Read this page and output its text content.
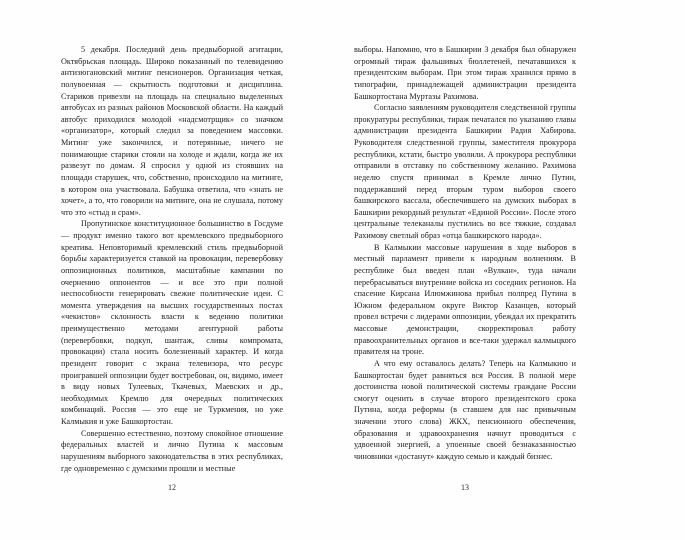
5 декабря. Последний день предвыборной агитации, Октябрьская площадь. Широко показанный по телевидению антизюгановский митинг пенсионеров. Организация четкая, полувоенная — скрытность подготовки и дисциплина. Стариков привезли на площадь на специально выделенных автобусах из разных районов Московской области. На каждый автобус приходился молодой «надсмотрщик» со значком «организатор», который следил за поведением массовки. Митинг уже закончился, и потерянные, ничего не понимающие старики стояли на холоде и ждали, когда же их развезут по домам. Я спросил у одной из стоявших на площади старушек, что, собственно, происходило на митинге, в котором она участвовала. Бабушка ответила, что «знать не хочет», а то, что говорили на митинге, она не слушала, потому что это «стыд и срам».

Пропутинское конституционное большинство в Госдуме — продукт именно такого вот кремлевского предвыборного креатива. Неповторимый кремлевский стиль предвыборной борьбы характеризуется ставкой на провокации, перевербовку оппозиционных политиков, масштабные кампании по очернению оппонентов — и все это при полной неспособности генерировать свежие политические идеи. С момента утверждения на высших государственных постах «чекистов» склонность власти к ведению политики преимущественно методами агентурной работы (перевербовки, подкуп, шантаж, сливы компромата, провокации) стала носить болезненный характер. И когда президент говорит с экрана телевизора, что ресурс проигравшей оппозиции будет востребован, он, видимо, имеет в виду новых Тулеевых, Ткачевых, Маевских и др., необходимых Кремлю для очередных политических комбинаций. Россия — это еще не Туркмения, но уже Калмыкия и уже Башкортостан.

Совершенно естественно, поэтому спокойное отношение федеральных властей и лично Путина к массовым нарушениям выборного законодательства в этих республиках, где одновременно с думскими прошли и местные

12

выборы. Напомню, что в Башкирии 3 декабря был обнаружен огромный тираж фальшивых бюллетеней, печатавшихся к президентским выборам. При этом тираж хранился прямо в типографии, принадлежащей администрации президента Башкортостана Муртазы Рахимова.

Согласно заявлениям руководителя следственной группы прокуратуры республики, тираж печатался по указанию главы администрации президента Башкирии Радия Хабирова. Руководителя следственной группы, заместителя прокурора республики, кстати, быстро уволили. А прокурора республики отправили в отставку по собственному желанию. Рахимова неделю спустя принимал в Кремле лично Путин, поддержавший перед вторым туром выборов своего башкирского вассала, обеспечившего на думских выборах в Башкирии рекордный результат «Единой России». После этого центральные телеканалы пустились во все тяжкие, создавал Рахимову светлый образ «отца башкирского народа».

В Калмыкии массовые нарушения в ходе выборов в местный парламент привели к народным волнениям. В республике был введен план «Вулкан», туда начали перебрасываться внутренние войска из соседних регионов. На спасение Кирсана Илюмжинова прибыл полпред Путина в Южном федеральном округе Виктор Казанцев, который провел встречи с лидерами оппозиции, убеждал их прекратить массовые демонстрации, скорректировал работу правоохранительных органов и все-таки удержал калмыцкого правителя на троне.

А что ему оставалось делать? Теперь на Калмыкию и Башкортостан будет равняться вся Россия. В полной мере достоинства новой политической системы граждане России смогут оценить в случае второго президентского срока Путина, когда реформы (в ставшем для нас привычным значении этого слова) ЖКХ, пенсионного обеспечения, образования и здравоохранения начнут проводиться с удвоенной энергией, а упоенные своей безнаказанностью чиновники «достанут» каждую семью и каждый бизнес.

13
